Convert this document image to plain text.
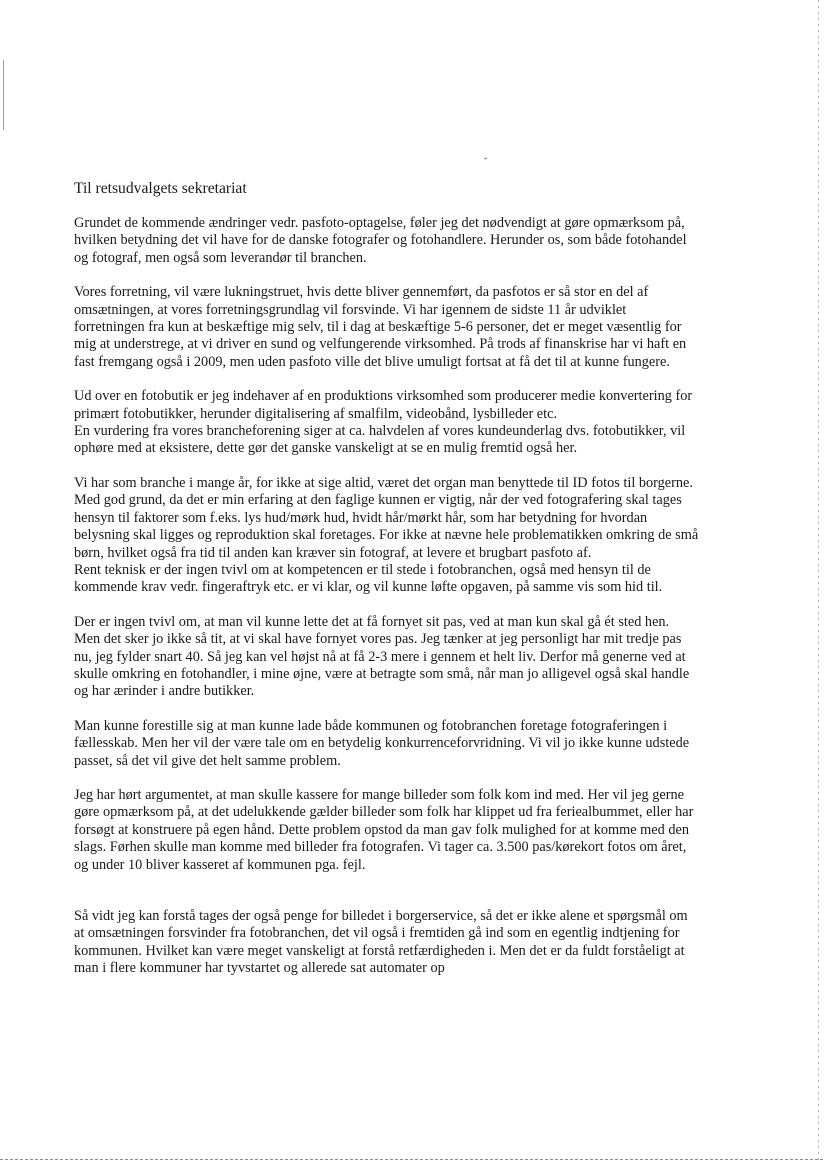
Til retsudvalgets sekretariat
Grundet de kommende ændringer vedr. pasfoto-optagelse, føler jeg det nødvendigt at gøre opmærksom på,
hvilken betydning det vil have for de danske fotografer og fotohandlere. Herunder os, som både fotohandel
og fotograf, men også som leverandør til branchen.
Vores forretning, vil være lukningstruet, hvis dette bliver gennemført, da pasfotos er så stor en del af
omsætningen, at vores forretningsgrundlag vil forsvinde. Vi har igennem de sidste 11 år udviklet
forretningen fra kun at beskæftige mig selv, til i dag at beskæftige 5-6 personer, det er meget væsentlig for
mig at understrege, at vi driver en sund og velfungerende virksomhed. På trods af finanskrise har vi haft en
fast fremgang også i 2009, men uden pasfoto ville det blive umuligt fortsat at få det til at kunne fungere.
Ud over en fotobutik er jeg indehaver af en produktions virksomhed som producerer medie konvertering for
primært fotobutikker, herunder digitalisering af smalfilm, videobånd, lysbilleder etc.
En vurdering fra vores brancheforening siger at ca. halvdelen af vores kundeunderlag dvs. fotobutikker, vil
ophøre med at eksistere, dette gør det ganske vanskeligt at se en mulig fremtid også her.
Vi har som branche i mange år, for ikke at sige altid, været det organ man benyttede til ID fotos til borgerne.
Med god grund, da det er min erfaring at den faglige kunnen er vigtig, når der ved fotografering skal tages
hensyn til faktorer som f.eks. lys hud/mørk hud, hvidt hår/mørkt hår, som har betydning for hvordan
belysning skal ligges og reproduktion skal foretages. For ikke at nævne hele problematikken omkring de små
børn, hvilket også fra tid til anden kan kræver sin fotograf, at levere et brugbart pasfoto af.
Rent teknisk er der ingen tvivl om at kompetencen er til stede i fotobranchen, også med hensyn til de
kommende krav vedr. fingeraftryk etc. er vi klar, og vil kunne løfte opgaven, på samme vis som hid til.
Der er ingen tvivl om, at man vil kunne lette det at få fornyet sit pas, ved at man kun skal gå ét sted hen.
Men det sker jo ikke så tit, at vi skal have fornyet vores pas. Jeg tænker at jeg personligt har mit tredje pas
nu, jeg fylder snart 40. Så jeg kan vel højst nå at få 2-3 mere i gennem et helt liv. Derfor må generne ved at
skulle omkring en fotohandler, i mine øjne, være at betragte som små, når man jo alligevel også skal handle
og har ærinder i andre butikker.
Man kunne forestille sig at man kunne lade både kommunen og fotobranchen foretage fotograferingen i
fællesskab. Men her vil der være tale om en betydelig konkurrenceforvridning. Vi vil jo ikke kunne udstede
passet, så det vil give det helt samme problem.
Jeg har hørt argumentet, at man skulle kassere for mange billeder som folk kom ind med. Her vil jeg gerne
gøre opmærksom på, at det udelukkende gælder billeder som folk har klippet ud fra feriealbummet, eller har
forsøgt at konstruere på egen hånd. Dette problem opstod da man gav folk mulighed for at komme med den
slags. Førhen skulle man komme med billeder fra fotografen. Vi tager ca. 3.500 pas/kørekort fotos om året,
og under 10 bliver kasseret af kommunen pga. fejl.
Så vidt jeg kan forstå tages der også penge for billedet i borgerservice, så det er ikke alene et spørgsmål om
at omsætningen forsvinder fra fotobranchen, det vil også i fremtiden gå ind som en egentlig indtjening for
kommunen. Hvilket kan være meget vanskeligt at forstå retfærdigheden i. Men det er da fuldt forståeligt at
man i flere kommuner har tyvstartet og allerede sat automater op
